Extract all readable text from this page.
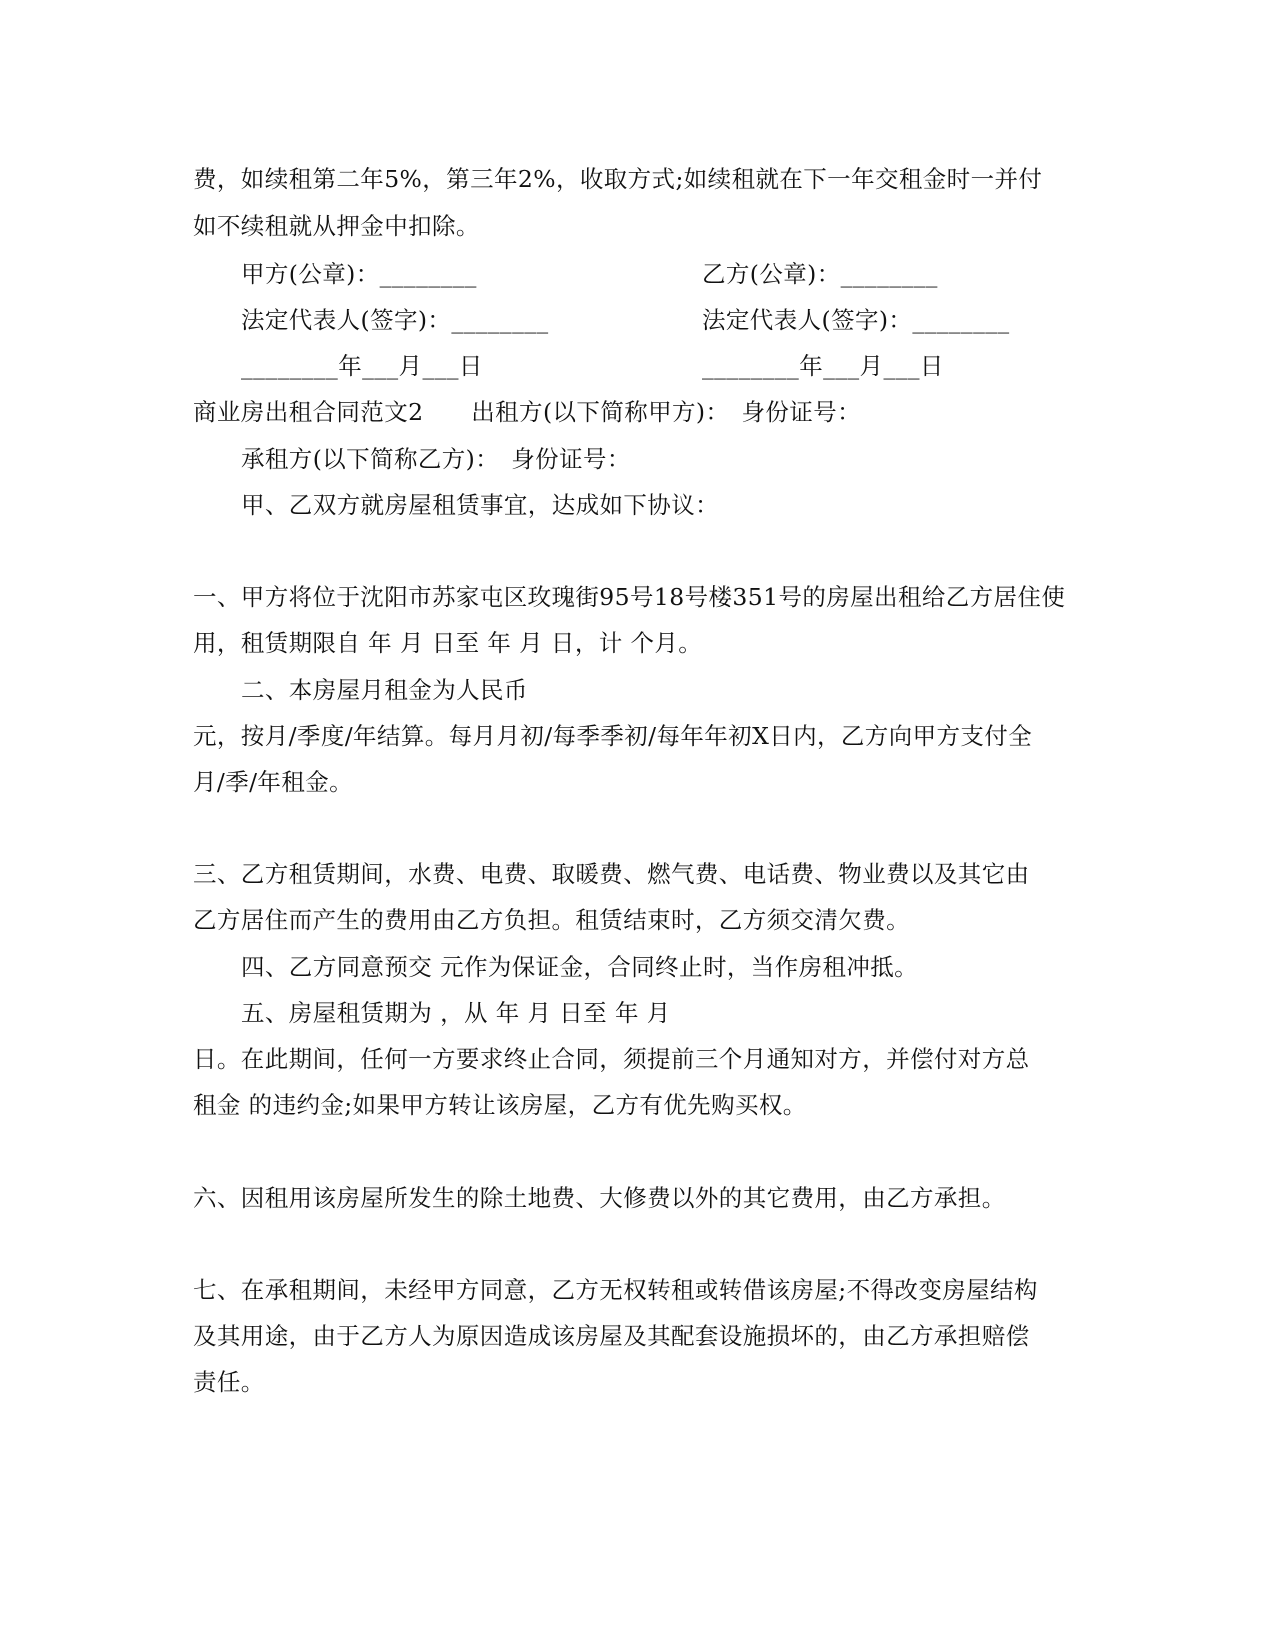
费，如续租第二年5%，第三年2%，收取方式;如续租就在下一年交租金时一并付
如不续租就从押金中扣除。
甲方(公章)：________	乙方(公章)：________
法定代表人(签字)：________	法定代表人(签字)：________
________年___月___日	________年___月___日
商业房出租合同范文2　　出租方(以下简称甲方)：　身份证号：
承租方(以下简称乙方)：　身份证号：
甲、乙双方就房屋租赁事宜，达成如下协议：
一、甲方将位于沈阳市苏家屯区玫瑰街95号18号楼351号的房屋出租给乙方居住使
用，租赁期限自 年 月 日至 年 月 日，计 个月。
二、本房屋月租金为人民币
元，按月/季度/年结算。每月月初/每季季初/每年年初X日内，乙方向甲方支付全
月/季/年租金。
三、乙方租赁期间，水费、电费、取暖费、燃气费、电话费、物业费以及其它由
乙方居住而产生的费用由乙方负担。租赁结束时，乙方须交清欠费。
四、乙方同意预交 元作为保证金，合同终止时，当作房租冲抵。
五、房屋租赁期为 ，从 年 月 日至 年 月
日。在此期间，任何一方要求终止合同，须提前三个月通知对方，并偿付对方总
租金 的违约金;如果甲方转让该房屋，乙方有优先购买权。
六、因租用该房屋所发生的除土地费、大修费以外的其它费用，由乙方承担。
七、在承租期间，未经甲方同意，乙方无权转租或转借该房屋;不得改变房屋结构
及其用途，由于乙方人为原因造成该房屋及其配套设施损坏的，由乙方承担赔偿
责任。
